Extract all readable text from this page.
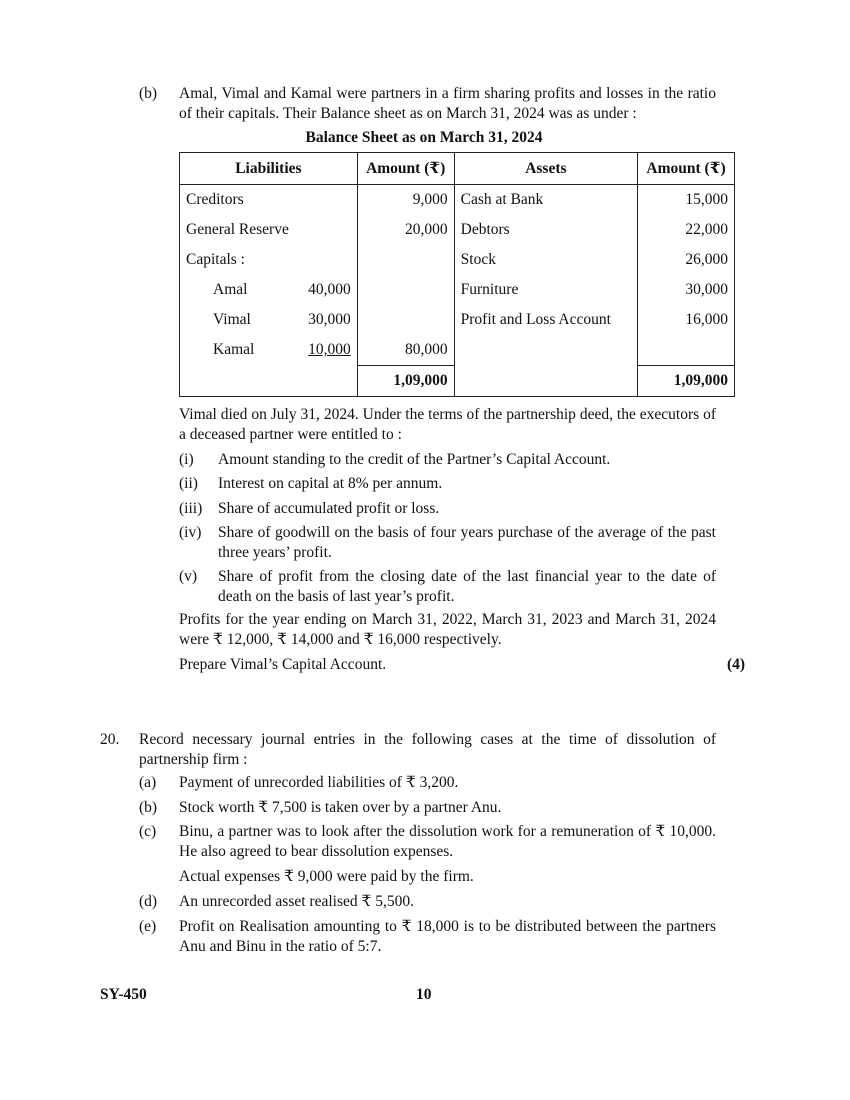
(b) Amal, Vimal and Kamal were partners in a firm sharing profits and losses in the ratio of their capitals. Their Balance sheet as on March 31, 2024 was as under :
Balance Sheet as on March 31, 2024
Liabilities		Amount (₹)	Assets	Amount (₹)
Creditors		9,000	Cash at Bank	15,000
General Reserve		20,000	Debtors	22,000
Capitals :			Stock	26,000
Amal	40,000		Furniture	30,000
Vimal	30,000		Profit and Loss Account	16,000
Kamal	10,000	80,000		
		1,09,000		1,09,000
Vimal died on July 31, 2024. Under the terms of the partnership deed, the executors of a deceased partner were entitled to :
(i) Amount standing to the credit of the Partner’s Capital Account.
(ii) Interest on capital at 8% per annum.
(iii) Share of accumulated profit or loss.
(iv) Share of goodwill on the basis of four years purchase of the average of the past three years’ profit.
(v) Share of profit from the closing date of the last financial year to the date of death on the basis of last year’s profit.
Profits for the year ending on March 31, 2022, March 31, 2023 and March 31, 2024 were ₹ 12,000, ₹ 14,000 and ₹ 16,000 respectively.
Prepare Vimal’s Capital Account.	(4)
20. Record necessary journal entries in the following cases at the time of dissolution of partnership firm :
(a) Payment of unrecorded liabilities of ₹ 3,200.
(b) Stock worth ₹ 7,500 is taken over by a partner Anu.
(c) Binu, a partner was to look after the dissolution work for a remuneration of ₹ 10,000. He also agreed to bear dissolution expenses.
Actual expenses ₹ 9,000 were paid by the firm.
(d) An unrecorded asset realised ₹ 5,500.
(e) Profit on Realisation amounting to ₹ 18,000 is to be distributed between the partners Anu and Binu in the ratio of 5:7.
SY-450	10
